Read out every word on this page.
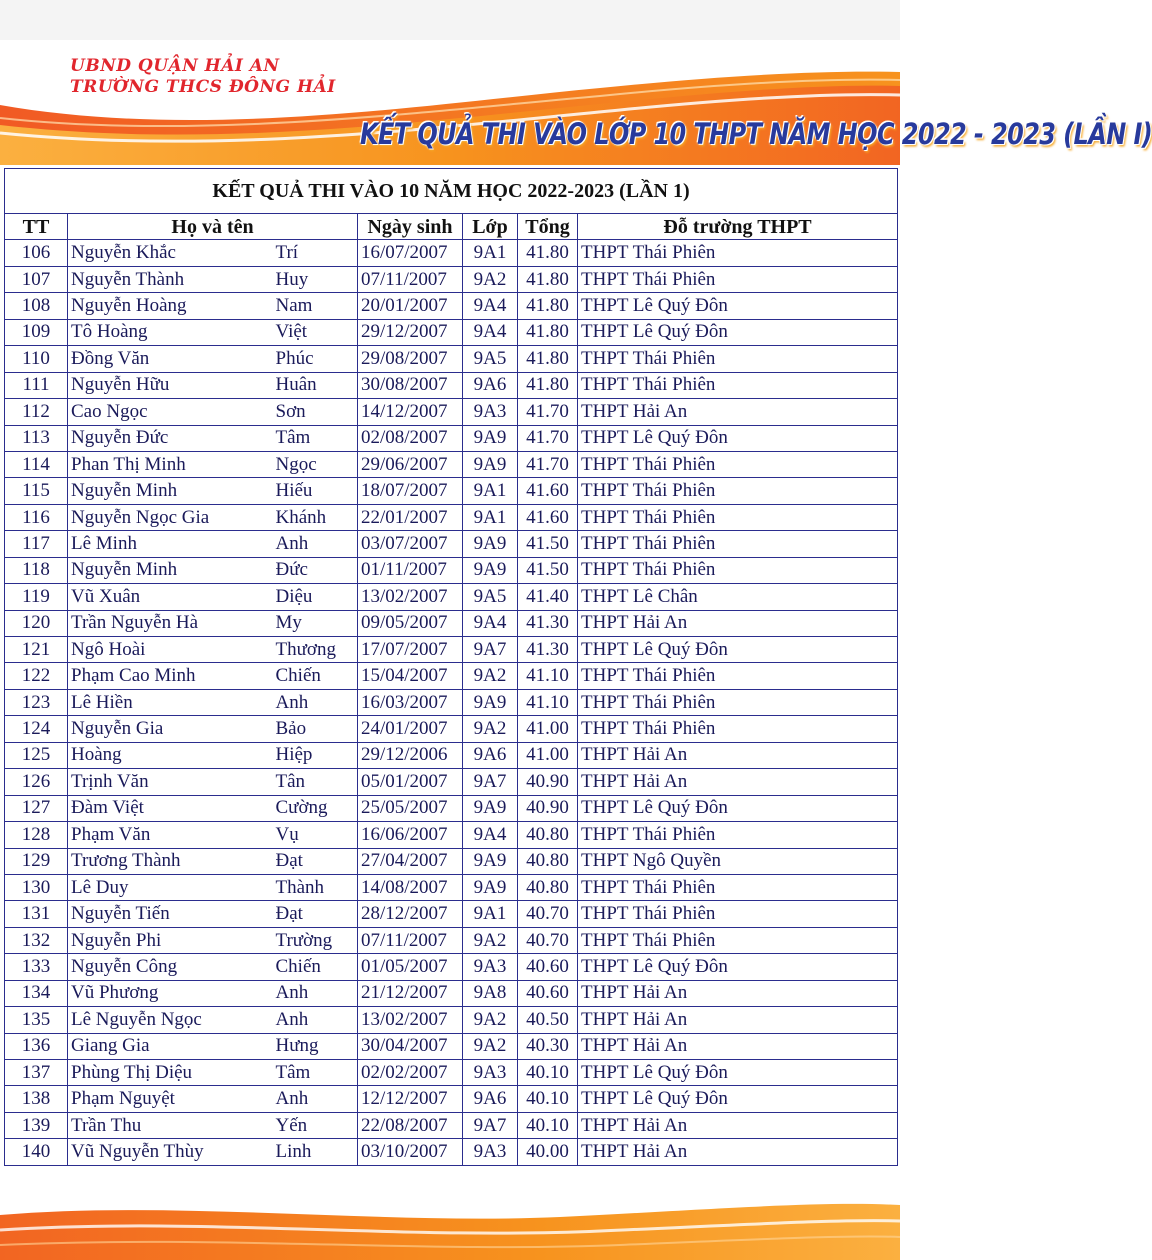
UBND QUẬN HẢI AN
TRƯỜNG THCS ĐÔNG HẢI
KẾT QUẢ THI VÀO LỚP 10 THPT NĂM HỌC 2022 - 2023 (LẦN I)
KẾT QUẢ THI VÀO 10 NĂM HỌC 2022-2023 (LẦN 1)						
TT	Họ và tên		Ngày sinh	Lớp	Tổng	Đỗ trường THPT
106	Nguyễn Khắc	Trí	16/07/2007	9A1	41.80	THPT Thái Phiên
107	Nguyễn Thành	Huy	07/11/2007	9A2	41.80	THPT Thái Phiên
108	Nguyễn Hoàng	Nam	20/01/2007	9A4	41.80	THPT Lê Quý Đôn
109	Tô Hoàng	Việt	29/12/2007	9A4	41.80	THPT Lê Quý Đôn
110	Đồng Văn	Phúc	29/08/2007	9A5	41.80	THPT Thái Phiên
111	Nguyễn Hữu	Huân	30/08/2007	9A6	41.80	THPT Thái Phiên
112	Cao Ngọc	Sơn	14/12/2007	9A3	41.70	THPT Hải An
113	Nguyễn Đức	Tâm	02/08/2007	9A9	41.70	THPT Lê Quý Đôn
114	Phan Thị Minh	Ngọc	29/06/2007	9A9	41.70	THPT Thái Phiên
115	Nguyễn Minh	Hiếu	18/07/2007	9A1	41.60	THPT Thái Phiên
116	Nguyễn Ngọc Gia	Khánh	22/01/2007	9A1	41.60	THPT Thái Phiên
117	Lê Minh	Anh	03/07/2007	9A9	41.50	THPT Thái Phiên
118	Nguyễn Minh	Đức	01/11/2007	9A9	41.50	THPT Thái Phiên
119	Vũ Xuân	Diệu	13/02/2007	9A5	41.40	THPT Lê Chân
120	Trần Nguyễn Hà	My	09/05/2007	9A4	41.30	THPT Hải An
121	Ngô Hoài	Thương	17/07/2007	9A7	41.30	THPT Lê Quý Đôn
122	Phạm Cao Minh	Chiến	15/04/2007	9A2	41.10	THPT Thái Phiên
123	Lê Hiền	Anh	16/03/2007	9A9	41.10	THPT Thái Phiên
124	Nguyễn Gia	Bảo	24/01/2007	9A2	41.00	THPT Thái Phiên
125	Hoàng	Hiệp	29/12/2006	9A6	41.00	THPT Hải An
126	Trịnh Văn	Tân	05/01/2007	9A7	40.90	THPT Hải An
127	Đàm Việt	Cường	25/05/2007	9A9	40.90	THPT Lê Quý Đôn
128	Phạm Văn	Vụ	16/06/2007	9A4	40.80	THPT Thái Phiên
129	Trương Thành	Đạt	27/04/2007	9A9	40.80	THPT Ngô Quyền
130	Lê Duy	Thành	14/08/2007	9A9	40.80	THPT Thái Phiên
131	Nguyễn Tiến	Đạt	28/12/2007	9A1	40.70	THPT Thái Phiên
132	Nguyễn Phi	Trường	07/11/2007	9A2	40.70	THPT Thái Phiên
133	Nguyễn Công	Chiến	01/05/2007	9A3	40.60	THPT Lê Quý Đôn
134	Vũ Phương	Anh	21/12/2007	9A8	40.60	THPT Hải An
135	Lê Nguyễn Ngọc	Anh	13/02/2007	9A2	40.50	THPT Hải An
136	Giang Gia	Hưng	30/04/2007	9A2	40.30	THPT Hải An
137	Phùng Thị Diệu	Tâm	02/02/2007	9A3	40.10	THPT Lê Quý Đôn
138	Phạm Nguyệt	Anh	12/12/2007	9A6	40.10	THPT Lê Quý Đôn
139	Trần Thu	Yến	22/08/2007	9A7	40.10	THPT Hải An
140	Vũ Nguyễn Thùy	Linh	03/10/2007	9A3	40.00	THPT Hải An
